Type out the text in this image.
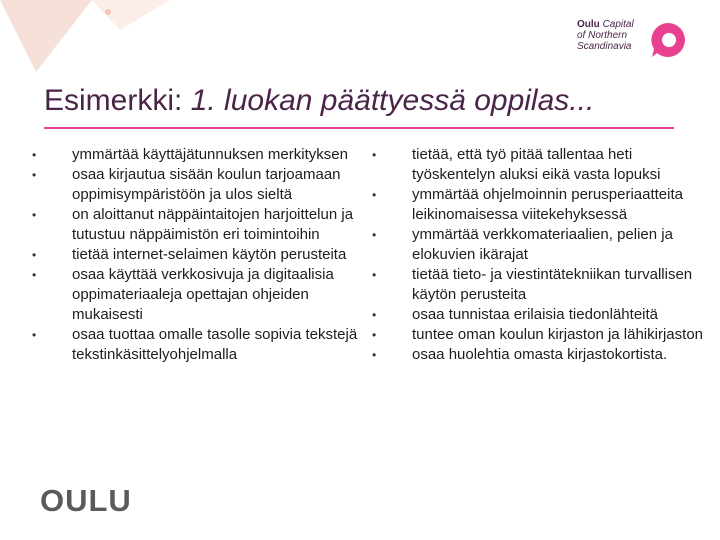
Oulu Capital
of Northern
Scandinavia
Esimerkki: 1. luokan päättyessä oppilas...
• ymmärtää käyttäjätunnuksen merkityksen
• osaa kirjautua sisään koulun tarjoamaan oppimisympäristöön ja ulos sieltä
• on aloittanut näppäintaitojen harjoittelun ja tutustuu näppäimistön eri toimintoihin
• tietää internet-selaimen käytön perusteita
• osaa käyttää verkkosivuja ja digitaalisia oppimateriaaleja opettajan ohjeiden mukaisesti
• osaa tuottaa omalle tasolle sopivia tekstejä tekstinkäsittelyohjelmalla
• tietää, että työ pitää tallentaa heti työskentelyn aluksi eikä vasta lopuksi
• ymmärtää ohjelmoinnin perusperiaatteita leikinomaisessa viitekehyksessä
• ymmärtää verkkomateriaalien, pelien ja elokuvien ikärajat
• tietää tieto- ja viestintätekniikan turvallisen käytön perusteita
• osaa tunnistaa erilaisia tiedonlähteitä
• tuntee oman koulun kirjaston ja lähikirjaston
• osaa huolehtia omasta kirjastokortista.
OULU
